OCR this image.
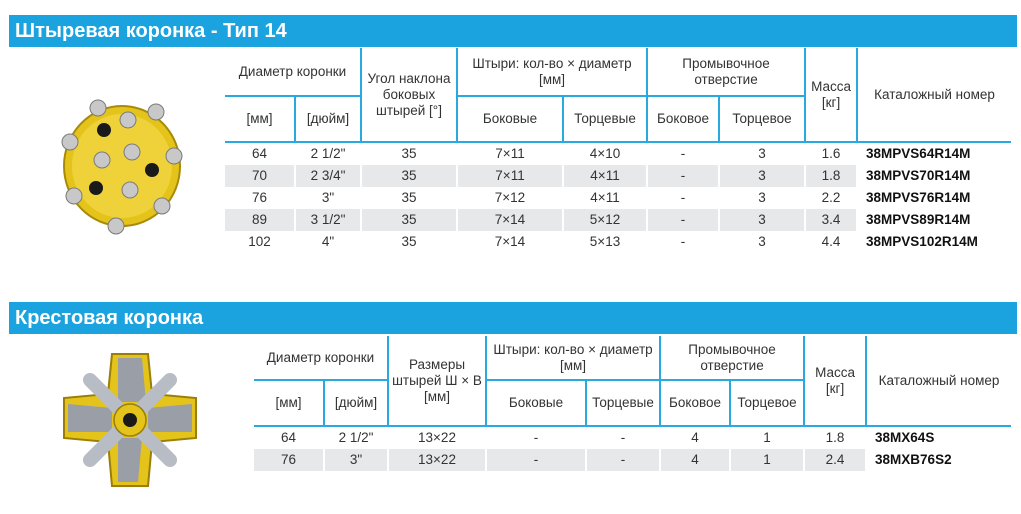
Штыревая коронка - Тип 14
Диаметр коронки		Угол наклона боковых штырей [°]	Штыри: кол-во × диаметр [мм]		Промывочное отверстие		Масса [кг]	Каталожный номер
[мм]	[дюйм]		Боковые	Торцевые	Боковое	Торцевое		
64	2 1/2"	35	7×11	4×10	-	3	1.6	38MPVS64R14M
70	2 3/4"	35	7×11	4×11	-	3	1.8	38MPVS70R14M
76	3"	35	7×12	4×11	-	3	2.2	38MPVS76R14M
89	3 1/2"	35	7×14	5×12	-	3	3.4	38MPVS89R14M
102	4"	35	7×14	5×13	-	3	4.4	38MPVS102R14M
Крестовая коронка
Диаметр коронки		Размеры штырей Ш × В [мм]	Штыри: кол-во × диаметр [мм]		Промывочное отверстие		Масса [кг]	Каталожный номер
[мм]	[дюйм]		Боковые	Торцевые	Боковое	Торцевое		
64	2 1/2"	13×22	-	-	4	1	1.8	38MX64S
76	3"	13×22	-	-	4	1	2.4	38MXB76S2
